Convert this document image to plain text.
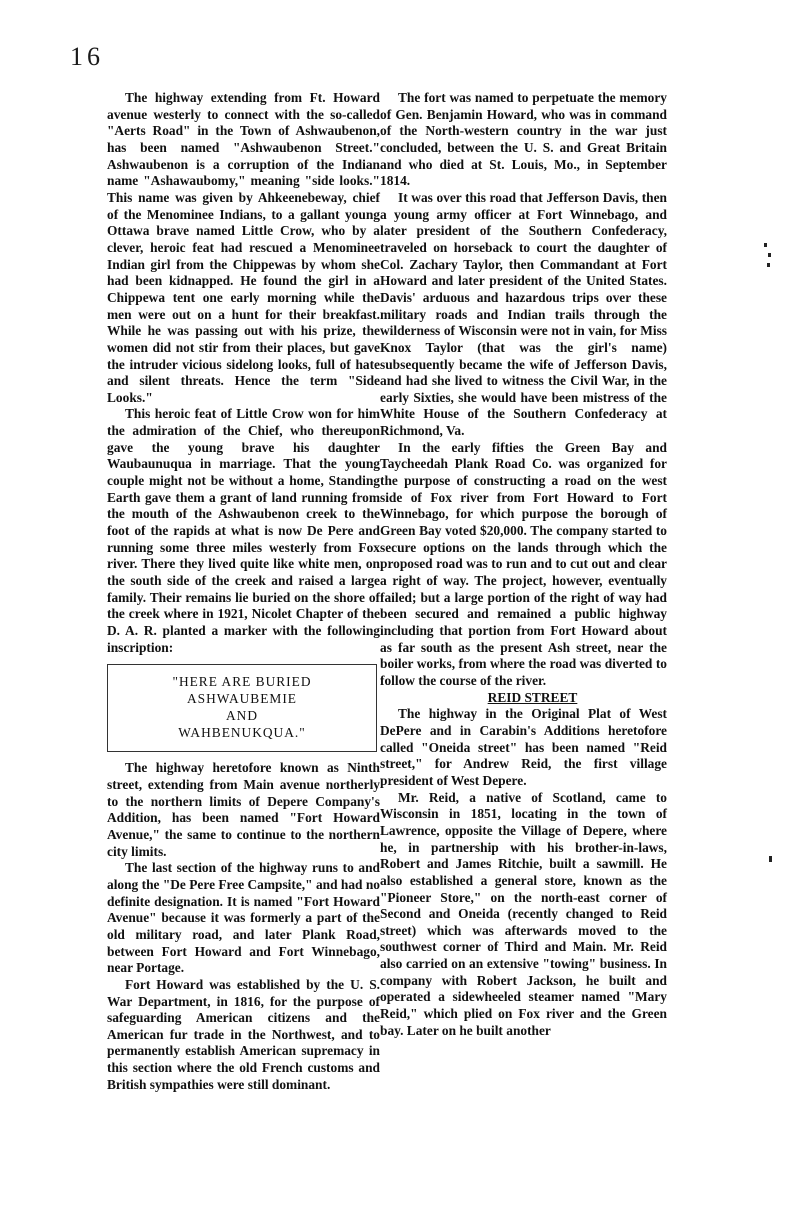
16

The highway extending from Ft. Howard avenue westerly to connect with the so-called "Aerts Road" in the Town of Ashwaubenon, has been named "Ashwaubenon Street." Ashwaubenon is a corruption of the Indian name "Ashawaubomy," meaning "side looks." This name was given by Ahkeenebeway, chief of the Menominee Indians, to a gallant young Ottawa brave named Little Crow, who by a clever, heroic feat had rescued a Menominee Indian girl from the Chippewas by whom she had been kidnapped. He found the girl in a Chippewa tent one early morning while the men were out on a hunt for their breakfast. While he was passing out with his prize, the women did not stir from their places, but gave the intruder vicious sidelong looks, full of hate and silent threats. Hence the term "Side Looks."

This heroic feat of Little Crow won for him the admiration of the Chief, who thereupon gave the young brave his daughter Waubaunuqua in marriage. That the young couple might not be without a home, Standing Earth gave them a grant of land running from the mouth of the Ashwaubenon creek to the foot of the rapids at what is now De Pere and running some three miles westerly from Fox river. There they lived quite like white men, on the south side of the creek and raised a large family. Their remains lie buried on the shore of the creek where in 1921, Nicolet Chapter of the D. A. R. planted a marker with the following inscription:

"HERE ARE BURIED
ASHWAUBEMIE
AND
WAHBENUKQUA."

The highway heretofore known as Ninth street, extending from Main avenue northerly to the northern limits of Depere Company's Addition, has been named "Fort Howard Avenue," the same to continue to the northern city limits.

The last section of the highway runs to and along the "De Pere Free Campsite," and had no definite designation. It is named "Fort Howard Avenue" because it was formerly a part of the old military road, and later Plank Road, between Fort Howard and Fort Winnebago, near Portage.

Fort Howard was established by the U. S. War Department, in 1816, for the purpose of safeguarding American citizens and the American fur trade in the Northwest, and to permanently establish American supremacy in this section where the old French customs and British sympathies were still dominant.

The fort was named to perpetuate the memory of Gen. Benjamin Howard, who was in command of the North-western country in the war just concluded, between the U. S. and Great Britain and who died at St. Louis, Mo., in September 1814.

It was over this road that Jefferson Davis, then a young army officer at Fort Winnebago, and later president of the Southern Confederacy, traveled on horseback to court the daughter of Col. Zachary Taylor, then Commandant at Fort Howard and later president of the United States. Davis' arduous and hazardous trips over these military roads and Indian trails through the wilderness of Wisconsin were not in vain, for Miss Knox Taylor (that was the girl's name) subsequently became the wife of Jefferson Davis, and had she lived to witness the Civil War, in the early Sixties, she would have been mistress of the White House of the Southern Confederacy at Richmond, Va.

In the early fifties the Green Bay and Taycheedah Plank Road Co. was organized for the purpose of constructing a road on the west side of Fox river from Fort Howard to Fort Winnebago, for which purpose the borough of Green Bay voted $20,000. The company started to secure options on the lands through which the proposed road was to run and to cut out and clear a right of way. The project, however, eventually failed; but a large portion of the right of way had been secured and remained a public highway including that portion from Fort Howard about as far south as the present Ash street, near the boiler works, from where the road was diverted to follow the course of the river.

REID STREET

The highway in the Original Plat of West DePere and in Carabin's Additions heretofore called "Oneida street" has been named "Reid street," for Andrew Reid, the first village president of West Depere.

Mr. Reid, a native of Scotland, came to Wisconsin in 1851, locating in the town of Lawrence, opposite the Village of Depere, where he, in partnership with his brother-in-laws, Robert and James Ritchie, built a sawmill. He also established a general store, known as the "Pioneer Store," on the north-east corner of Second and Oneida (recently changed to Reid street) which was afterwards moved to the southwest corner of Third and Main. Mr. Reid also carried on an extensive "towing" business. In company with Robert Jackson, he built and operated a sidewheeled steamer named "Mary Reid," which plied on Fox river and the Green bay. Later on he built another
